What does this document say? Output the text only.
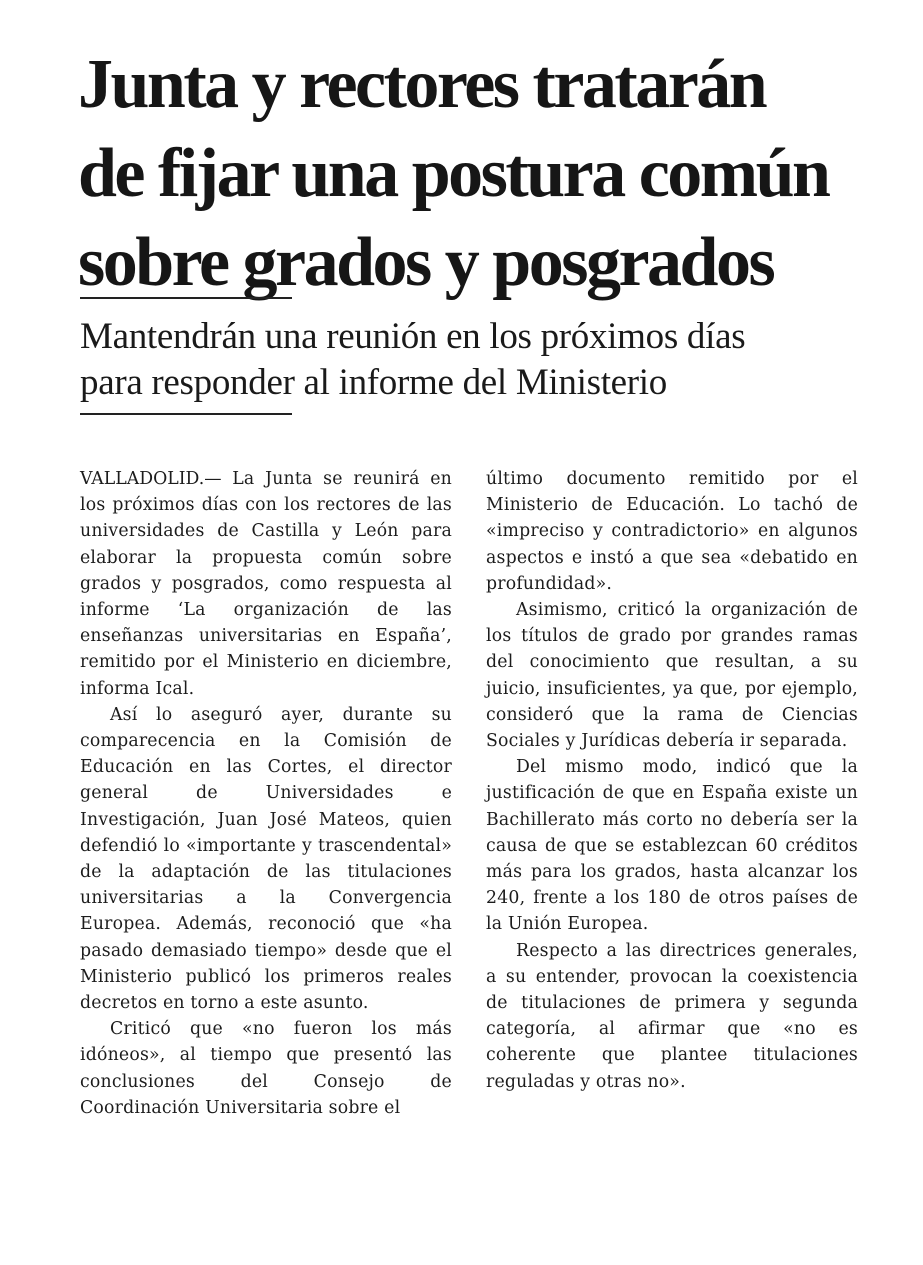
Junta y rectores tratarán
de fijar una postura común
sobre grados y posgrados
Mantendrán una reunión en los próximos días
para responder al informe del Ministerio

VALLADOLID.— La Junta se reunirá en los próximos días con los rectores de las universidades de Castilla y León para elaborar la propuesta común sobre grados y posgrados, como respuesta al informe ‘La organización de las enseñanzas universitarias en España’, remitido por el Ministerio en diciembre, informa Ical.

Así lo aseguró ayer, durante su comparecencia en la Comisión de Educación en las Cortes, el director general de Universidades e Investigación, Juan José Mateos, quien defendió lo «importante y trascendental» de la adaptación de las titulaciones universitarias a la Convergencia Europea. Además, reconoció que «ha pasado demasiado tiempo» desde que el Ministerio publicó los primeros reales decretos en torno a este asunto.

Criticó que «no fueron los más idóneos», al tiempo que presentó las conclusiones del Consejo de Coordinación Universitaria sobre el

último documento remitido por el Ministerio de Educación. Lo tachó de «impreciso y contradictorio» en algunos aspectos e instó a que sea «debatido en profundidad».

Asimismo, criticó la organización de los títulos de grado por grandes ramas del conocimiento que resultan, a su juicio, insuficientes, ya que, por ejemplo, consideró que la rama de Ciencias Sociales y Jurídicas debería ir separada.

Del mismo modo, indicó que la justificación de que en España existe un Bachillerato más corto no debería ser la causa de que se establezcan 60 créditos más para los grados, hasta alcanzar los 240, frente a los 180 de otros países de la Unión Europea.

Respecto a las directrices generales, a su entender, provocan la coexistencia de titulaciones de primera y segunda categoría, al afirmar que «no es coherente que plantee titulaciones reguladas y otras no».
